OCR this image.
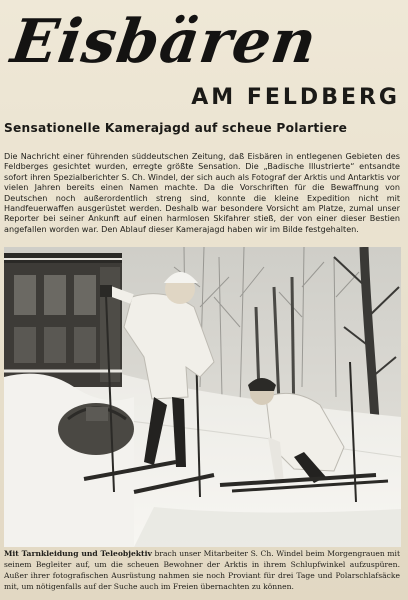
Eisbären
AM FELDBERG
Sensationelle Kamerajagd auf scheue Polartiere
Die Nachricht einer führenden süddeutschen Zeitung, daß Eisbären in entlegenen Gebieten des Feldberges gesichtet wurden, erregte größte Sensation. Die „Badische Illustrierte“ entsandte sofort ihren Spezialberichter S. Ch. Windel, der sich auch als Fotograf der Arktis und Antarktis vor vielen Jahren bereits einen Namen machte. Da die Vorschriften für die Bewaffnung von Deutschen noch außerordentlich streng sind, konnte die kleine Expedition nicht mit Handfeuerwaffen ausgerüstet werden. Deshalb war besondere Vorsicht am Platze, zumal unser Reporter bei seiner Ankunft auf einen harmlosen Skifahrer stieß, der von einer dieser Bestien angefallen worden war. Den Ablauf dieser Kamerajagd haben wir im Bilde festgehalten.
Mit Tarnkleidung und Teleobjektiv brach unser Mitarbeiter S. Ch. Windel beim Morgengrauen mit seinem Begleiter auf, um die scheuen Bewohner der Arktis in ihrem Schlupfwinkel aufzuspüren. Außer ihrer fotografischen Ausrüstung nahmen sie noch Proviant für drei Tage und Polarschlafsäcke mit, um nötigenfalls auf der Suche auch im Freien übernachten zu können.
